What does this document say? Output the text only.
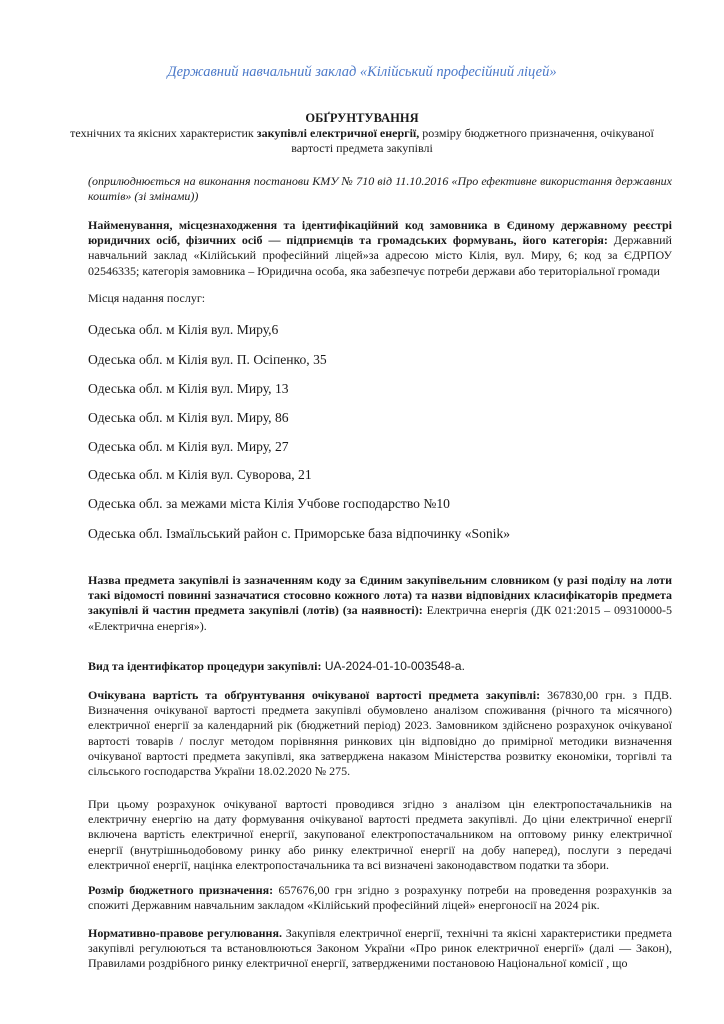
Державний навчальний заклад «Кілійський професійний ліцей»
ОБҐРУНТУВАННЯ
технічних та якісних характеристик закупівлі електричної енергії, розміру бюджетного призначення, очікуваної вартості предмета закупівлі
(оприлюднюється на виконання постанови КМУ № 710 від 11.10.2016 «Про ефективне використання державних коштів» (зі змінами))
Найменування, місцезнаходження та ідентифікаційний код замовника в Єдиному державному реєстрі юридичних осіб, фізичних осіб — підприємців та громадських формувань, його категорія: Державний навчальний заклад «Кілійський професійний ліцей»за адресою місто Кілія, вул. Миру, 6; код за ЄДРПОУ 02546335; категорія замовника – Юридична особа, яка забезпечує потреби держави або територіальної громади
Місця надання послуг:
Одеська обл. м Кілія вул. Миру,6
Одеська обл. м Кілія вул. П. Осіпенко, 35
Одеська обл. м Кілія вул. Миру, 13
Одеська обл. м Кілія вул. Миру, 86
Одеська обл. м Кілія вул. Миру, 27
Одеська обл. м Кілія вул. Суворова, 21
Одеська обл. за межами міста Кілія Учбове господарство №10
Одеська обл. Ізмаїльський район с. Приморське база відпочинку «Sonik»
Назва предмета закупівлі із зазначенням коду за Єдиним закупівельним словником (у разі поділу на лоти такі відомості повинні зазначатися стосовно кожного лота) та назви відповідних класифікаторів предмета закупівлі й частин предмета закупівлі (лотів) (за наявності): Електрична енергія (ДК 021:2015 – 09310000-5 «Електрична енергія»).
Вид та ідентифікатор процедури закупівлі: UA-2024-01-10-003548-a.
Очікувана вартість та обґрунтування очікуваної вартості предмета закупівлі: 367830,00 грн. з ПДВ. Визначення очікуваної вартості предмета закупівлі обумовлено аналізом споживання (річного та місячного) електричної енергії за календарний рік (бюджетний період) 2023. Замовником здійснено розрахунок очікуваної вартості товарів / послуг методом порівняння ринкових цін відповідно до примірної методики визначення очікуваної вартості предмета закупівлі, яка затверджена наказом Міністерства розвитку економіки, торгівлі та сільського господарства України 18.02.2020 № 275.
При цьому розрахунок очікуваної вартості проводився згідно з аналізом цін електропостачальників на електричну енергію на дату формування очікуваної вартості предмета закупівлі. До ціни електричної енергії включена вартість електричної енергії, закупованої електропостачальником на оптовому ринку електричної енергії (внутрішньодобовому ринку або ринку електричної енергії на добу наперед), послуги з передачі електричної енергії, націнка електропостачальника та всі визначені законодавством податки та збори.
Розмір бюджетного призначення: 657676,00 грн згідно з розрахунку потреби на проведення розрахунків за спожиті Державним навчальним закладом «Кілійський професійний ліцей» енергоносії на 2024 рік.
Нормативно-правове регулювання. Закупівля електричної енергії, технічні та якісні характеристики предмета закупівлі регулюються та встановлюються Законом України «Про ринок електричної енергії» (далі — Закон), Правилами роздрібного ринку електричної енергії, затвердженими постановою Національної комісії , що
